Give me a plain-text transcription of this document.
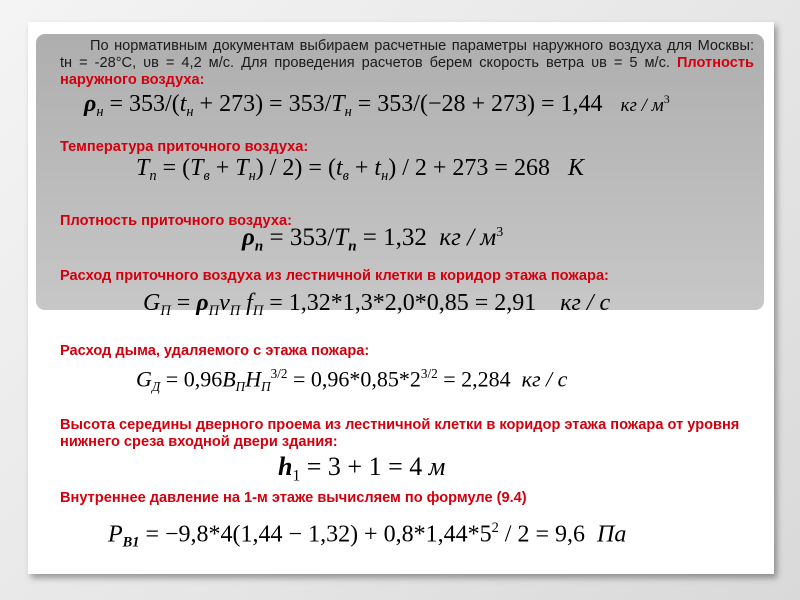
По нормативным документам выбираем расчетные параметры наружного воздуха для Москвы: tн = -28°С, υв = 4,2 м/с. Для проведения расчетов берем скорость ветра υв = 5 м/с. Плотность наружного воздуха:

$\rho_н = 353/(t_н + 273) = 353/T_н = 353/(-28 + 273) = 1,44$   кг / $м^3$
Температура приточного воздуха:
$T_п = (T_в + T_н) / 2) = (t_в + t_н) / 2 + 273 = 268$   K
Плотность приточного воздуха:
$\rho_п = 353/T_п = 1,32$  кг / $м^3$
Расход приточного воздуха из лестничной клетки в коридор этажа пожара:
$G_П = \rho_Пv_П$ $f_П = 1,32*1,3*2,0*0,85 = 2,91$    кг / с
Расход дыма, удаляемого с этажа пожара:
$G_Д = 0,96B_ПH_П^{3/2} = 0,96*0,85*2^{3/2} = 2,284$  кг / с
Высота середины дверного проема из лестничной клетки в коридор этажа пожара от уровня нижнего среза входной двери здания:
$h_1 = 3 + 1 = 4$ м
Внутреннее давление на 1-м этаже вычисляем по формуле (9.4)
$P_{B1} = -9,8*4(1,44 - 1,32) + 0,8*1,44*5^2 / 2 = 9,6$  Па
